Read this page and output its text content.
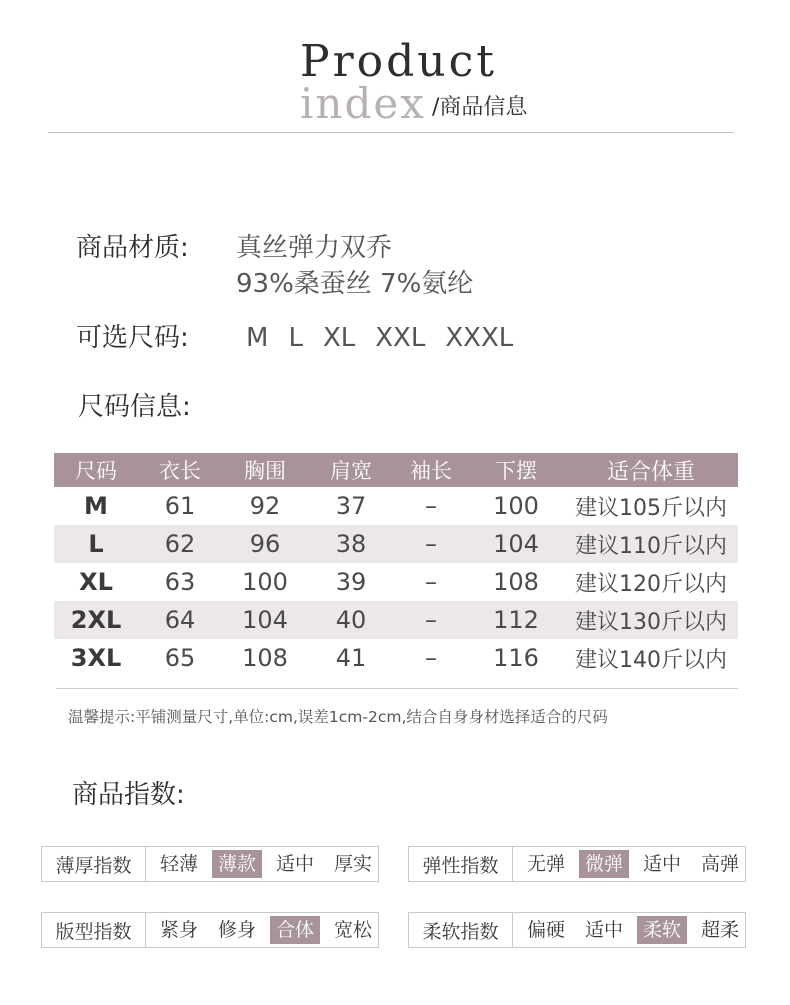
Product
index /商品信息
商品材质: 真丝弹力双乔
93%桑蚕丝 7%氨纶
可选尺码: M L XL XXL XXXL
尺码信息:
尺码	衣长	胸围	肩宽	袖长	下摆	适合体重
M	61	92	37	–	100	建议105斤以内
L	62	96	38	–	104	建议110斤以内
XL	63	100	39	–	108	建议120斤以内
2XL	64	104	40	–	112	建议130斤以内
3XL	65	108	41	–	116	建议140斤以内
温馨提示:平铺测量尺寸,单位:cm,误差1cm-2cm,结合自身身材选择适合的尺码
商品指数:
薄厚指数	轻薄	薄款	适中	厚实	弹性指数	无弹	微弹	适中	高弹
版型指数	紧身	修身	合体	宽松	柔软指数	偏硬	适中	柔软	超柔
